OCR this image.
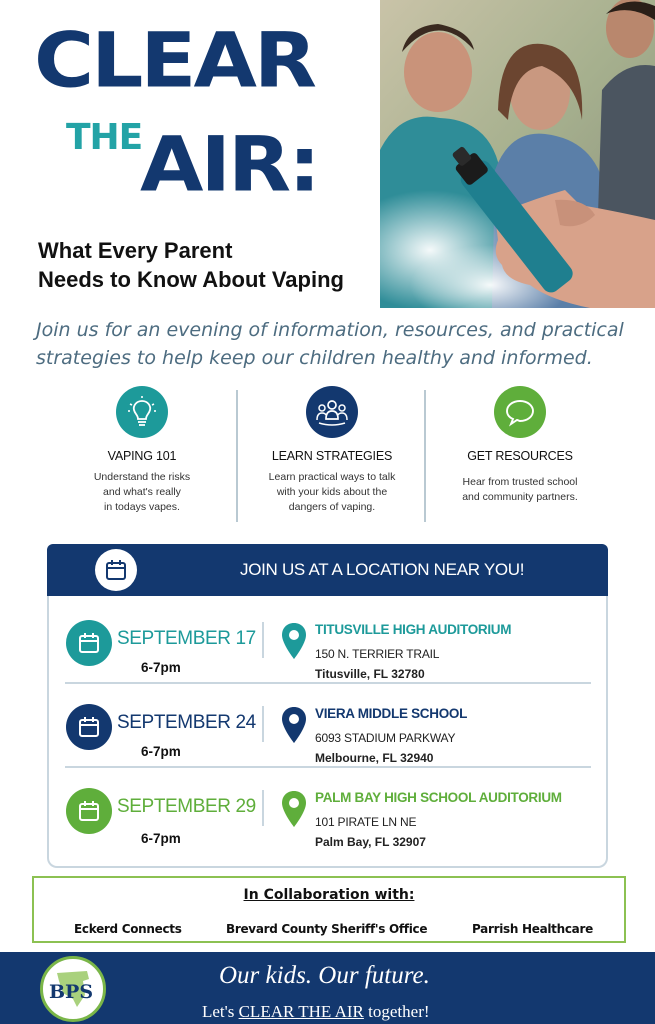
CLEAR
THE
AIR:
What Every Parent
Needs to Know About Vaping
Join us for an evening of information, resources, and practical strategies to help keep our children healthy and informed.
VAPING 101
Understand the risks
and what's really
in todays vapes.
LEARN STRATEGIES
Learn practical ways to talk
with your kids about the
dangers of vaping.
GET RESOURCES
Hear from trusted school
and community partners.
JOIN US AT A LOCATION NEAR YOU!
SEPTEMBER 17
6-7pm
TITUSVILLE HIGH AUDITORIUM
150 N. TERRIER TRAIL
Titusville, FL 32780
SEPTEMBER 24
6-7pm
VIERA MIDDLE SCHOOL
6093 STADIUM PARKWAY
Melbourne, FL 32940
SEPTEMBER 29
6-7pm
PALM BAY HIGH SCHOOL AUDITORIUM
101 PIRATE LN NE
Palm Bay, FL 32907
In Collaboration with:
Eckerd Connects	Brevard County Sheriff's Office	Parrish Healthcare
BPS
Our kids. Our future.
Let's CLEAR THE AIR together!
